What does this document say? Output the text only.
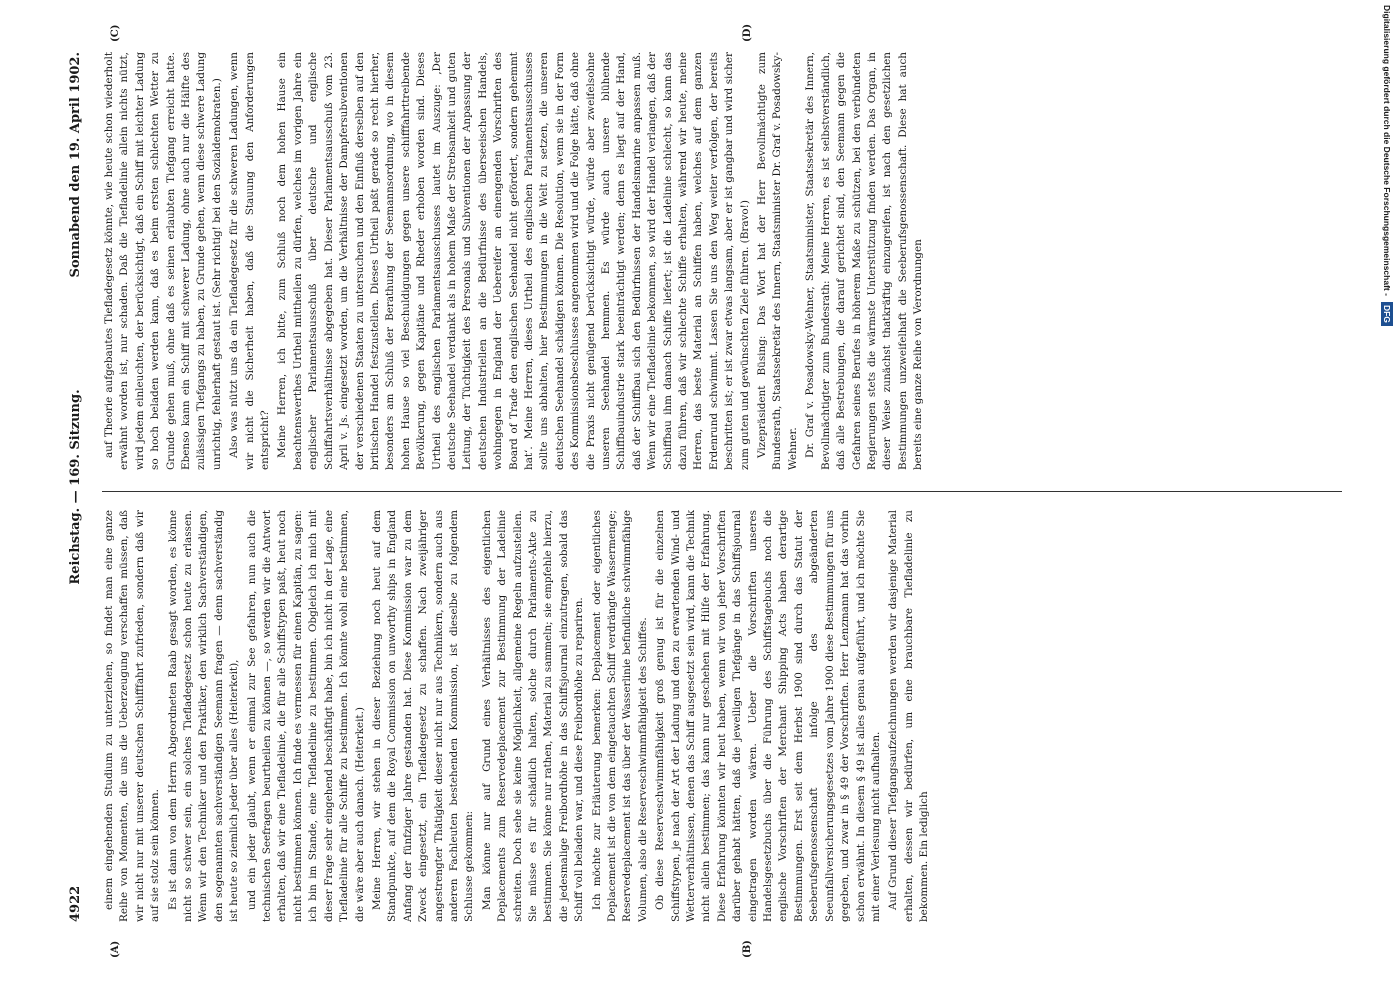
4922
Reichstag. — 169. Sitzung.
Sonnabend den 19. April 1902.

einem eingehenden Studium zu unterziehen, so findet man eine ganze Reihe von Momenten, die uns die Ueberzeugung verschaffen müssen, daß wir nicht nur mit unserer deutschen Schifffahrt zufrieden, sondern daß wir auf sie stolz sein können. Es ist dann von dem Herrn Abgeordneten Raab gesagt worden, es könne nicht so schwer sein, ein solches Tiefladegesetz schon heute zu erlassen. Wenn wir den Techniker und den Praktiker, den wirklich Sachverständigen, den sogenannten sachverständigen Seemann fragen — denn sachverständig ist heute so ziemlich jeder über alles (Heiterkeit), und ein jeder glaubt, wenn er einmal zur See gefahren, nun auch die technischen Seefragen beurtheilen zu können —, so werden wir die Antwort erhalten, daß wir eine Tiefladelinie, die für alle Schiffstypen paßt, heut noch nicht bestimmen können. Ich finde es vermessen für einen Kapitän, zu sagen: ich bin im Stande, eine Tiefladelinie zu bestimmen. Obgleich ich mich mit dieser Frage sehr eingehend beschäftigt habe, bin ich nicht in der Lage, eine Tiefladelinie für alle Schiffe zu bestimmen. Ich könnte wohl eine bestimmen, die wäre aber auch danach. (Heiterkeit.) Meine Herren, wir stehen in dieser Beziehung noch heut auf dem Standpunkte, auf dem die Royal Commission on unworthy ships in England Anfang der fünfziger Jahre gestanden hat. Diese Kommission war zu dem Zweck eingesetzt, ein Tiefladegesetz zu schaffen. Nach zweijähriger angestrengter Thätigkeit dieser nicht nur aus Technikern, sondern auch aus anderen Fachleuten bestehenden Kommission, ist dieselbe zu folgendem Schlusse gekommen: Man könne nur auf Grund eines Verhältnisses des eigentlichen Deplacements zum Reservedeplacement zur Bestimmung der Ladelinie schreiten. Doch sehe sie keine Möglichkeit, allgemeine Regeln aufzustellen. Sie müsse es für schädlich halten, solche durch Parlaments-Akte zu bestimmen. Sie könne nur rathen, Material zu sammeln; sie empfehle hierzu, die jedesmalige Freibordhöhe in das Schiffsjournal einzutragen, sobald das Schiff voll beladen war, und diese Freibordhöhe zu repariren. Ich möchte zur Erläuterung bemerken: Deplacement oder eigentliches Deplacement ist die von dem eingetauchten Schiff verdrängte Wassermenge; Reservedeplacement ist das über der Wasserlinie befindliche schwimmfähige Volumen, also die Reserveschwimmfähigkeit des Schiffes. Ob diese Reserveschwimmfähigkeit groß genug ist für die einzelnen Schiffstypen, je nach der Art der Ladung und den zu erwartenden Wind- und Wetterverhältnissen, denen das Schiff ausgesetzt sein wird, kann die Technik nicht allein bestimmen; das kann nur geschehen mit Hilfe der Erfahrung. Diese Erfahrung könnten wir heut haben, wenn wir von jeher Vorschriften darüber gehabt hätten, daß die jeweiligen Tiefgänge in das Schiffsjournal eingetragen worden wären. Ueber die Vorschriften unseres Handelsgesetzbuchs über die Führung des Schiffstagebuchs noch die englische Vorschriften der Merchant Shipping Acts haben derartige Bestimmungen. Erst seit dem Herbst 1900 sind durch das Statut der Seeberufsgenossenschaft infolge des abgeänderten Seeunfallversicherungsgesetzes vom Jahre 1900 diese Bestimmungen für uns gegeben, und zwar in § 49 der Vorschriften. Herr Lenzmann hat das vorhin schon erwähnt. In diesem § 49 ist alles genau aufgeführt, und ich möchte Sie mit einer Verlesung nicht aufhalten. Auf Grund dieser Tiefgangsaufzeichnungen werden wir dasjenige Material erhalten, dessen wir bedürfen, um eine brauchbare Tiefladelinie zu bekommen. Ein lediglich

auf Theorie aufgebautes Tiefladegesetz könnte, wie heute schon wiederholt erwähnt worden ist, nur schaden. Daß die Tiefladelinie allein nichts nützt, wird jedem einleuchten, der berücksichtigt, daß ein Schiff mit leichter Ladung so hoch beladen werden kann, daß es beim ersten schlechten Wetter zu Grunde gehen muß, ohne daß es seinen erlaubten Tiefgang erreicht hatte. Ebenso kann ein Schiff mit schwerer Ladung, ohne auch nur die Hälfte des zulässigen Tiefgangs zu haben, zu Grunde gehen, wenn diese schwere Ladung unrichtig, fehlerhaft gestaut ist. (Sehr richtig! bei den Sozialdemokraten.) Also was nützt uns da ein Tiefladegesetz für die schweren Ladungen, wenn wir nicht die Sicherheit haben, daß die Stauung den Anforderungen entspricht? Meine Herren, ich bitte, zum Schluß noch dem hohen Hause ein beachtenswerthes Urtheil mittheilen zu dürfen, welches im vorigen Jahre ein englischer Parlamentsausschuß über deutsche und englische Schiffahrtsverhältnisse abgegeben hat. Dieser Parlamentsausschuß vom 23. April v. Js. eingesetzt worden, um die Verhältnisse der Dampfersubventionen der verschiedenen Staaten zu untersuchen und den Einfluß derselben auf den britischen Handel festzustellen. Dieses Urtheil paßt gerade so recht hierher, besonders am Schluß der Berathung der Seemannsordnung, wo in diesem hohen Hause so viel Beschuldigungen gegen unsere schifffahrttreibende Bevölkerung, gegen Kapitäne und Rheder erhoben worden sind. Dieses Urtheil des englischen Parlamentsausschusses lautet im Auszuge: ‚Der deutsche Seehandel verdankt als in hohem Maße der Strebsamkeit und guten Leitung, der Tüchtigkeit des Personals und Subventionen der Anpassung der deutschen Industriellen an die Bedürfnisse des überseeischen Handels, wohingegen in England der Uebereifer an einengenden Vorschriften des Board of Trade den englischen Seehandel nicht gefördert, sondern gehemmt hat‘. Meine Herren, dieses Urtheil des englischen Parlamentsausschusses sollte uns abhalten, hier Bestimmungen in die Welt zu setzen, die unseren deutschen Seehandel schädigen können. Die Resolution, wenn sie in der Form des Kommissionsbeschlusses angenommen wird und die Folge hätte, daß ohne die Praxis nicht genügend berücksichtigt würde, würde aber zweifelsohne unseren Seehandel hemmen. Es würde auch unsere blühende Schiffbauindustrie stark beeinträchtigt werden; denn es liegt auf der Hand, daß der Schiffbau sich den Bedürfnissen der Handelsmarine anpassen muß. Wenn wir eine Tiefladelinie bekommen, so wird der Handel verlangen, daß der Schiffbau ihm danach Schiffe liefert; ist die Ladelinie schlecht, so kann das dazu führen, daß wir schlechte Schiffe erhalten, während wir heute, meine Herren, das beste Material an Schiffen haben, welches auf dem ganzen Erdenrund schwimmt. Lassen Sie uns den Weg weiter verfolgen, der bereits beschritten ist; er ist zwar etwas langsam, aber er ist gangbar und wird sicher zum guten und gewünschten Ziele führen. (Bravo!) Vizepräsident Büsing: Das Wort hat der Herr Bevollmächtigte zum Bundesrath, Staatssekretär des Innern, Staatsminister Dr. Graf v. Posadowsky-Wehner. Dr. Graf v. Posadowsky-Wehner, Staatsminister, Staatssekretär des Innern, Bevollmächtigter zum Bundesrath: Meine Herren, es ist selbstverständlich, daß alle Bestrebungen, die darauf gerichtet sind, den Seemann gegen die Gefahren seines Berufes in höherem Maße zu schützen, bei den verbündeten Regierungen stets die wärmste Unterstützung finden werden. Das Organ, in dieser Weise zunächst thatkräftig einzugreifen, ist nach den gesetzlichen Bestimmungen unzweifelhaft die Seeberufsgenossenschaft. Diese hat auch bereits eine ganze Reihe von Verordnungen

(A)	(B)
(C)	(D)	Digitalisierung gefördert durch die Deutsche Forschungsgemeinschaft -DFG
